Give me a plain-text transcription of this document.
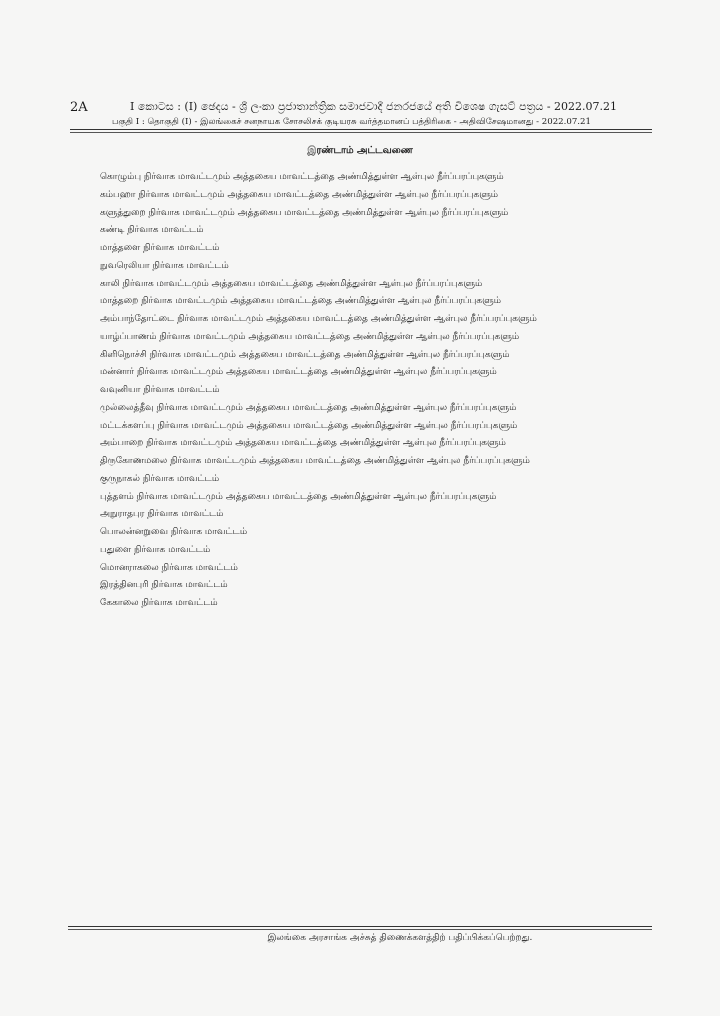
2A	I කොටස : (I) ඡෙදය - ශ්‍රී ලංකා ප්‍රජාතාන්ත්‍රික සමාජවාදී ජනරජයේ අති විශෙෂ ගැසට් පත්‍රය - 2022.07.21
பகுதி I : தொகுதி (I) - இலங்கைச் சனநாயக சோசலிசக் குடியரசு வர்த்தமானப் பத்திரிகை - அதிவிசேஷமானது - 2022.07.21
இரண்டாம் அட்டவணை
கொழும்பு நிர்வாக மாவட்டமும் அத்தகைய மாவட்டத்தை அண்மித்துள்ள ஆள்புல நீர்ப்பரப்புகளும்
கம்பஹா நிர்வாக மாவட்டமும் அத்தகைய மாவட்டத்தை அண்மித்துள்ள ஆள்புல நீர்ப்பரப்புகளும்
களுத்துறை நிர்வாக மாவட்டமும் அத்தகைய மாவட்டத்தை அண்மித்துள்ள ஆள்புல நீர்ப்பரப்புகளும்
கண்டி நிர்வாக மாவட்டம்
மாத்தளை நிர்வாக மாவட்டம்
நுவரெலியா நிர்வாக மாவட்டம்
காலி நிர்வாக மாவட்டமும் அத்தகைய மாவட்டத்தை அண்மித்துள்ள ஆள்புல நீர்ப்பரப்புகளும்
மாத்தறை நிர்வாக மாவட்டமும் அத்தகைய மாவட்டத்தை அண்மித்துள்ள ஆள்புல நீர்ப்பரப்புகளும்
அம்பாந்தோட்டை நிர்வாக மாவட்டமும் அத்தகைய மாவட்டத்தை அண்மித்துள்ள ஆள்புல நீர்ப்பரப்புகளும்
யாழ்ப்பாணம் நிர்வாக மாவட்டமும் அத்தகைய மாவட்டத்தை அண்மித்துள்ள ஆள்புல நீர்ப்பரப்புகளும்
கிளிநொச்சி நிர்வாக மாவட்டமும் அத்தகைய மாவட்டத்தை அண்மித்துள்ள ஆள்புல நீர்ப்பரப்புகளும்
மன்னார் நிர்வாக மாவட்டமும் அத்தகைய மாவட்டத்தை அண்மித்துள்ள ஆள்புல நீர்ப்பரப்புகளும்
வவுனியா நிர்வாக மாவட்டம்
முல்லைத்தீவு நிர்வாக மாவட்டமும் அத்தகைய மாவட்டத்தை அண்மித்துள்ள ஆள்புல நீர்ப்பரப்புகளும்
மட்டக்களப்பு நிர்வாக மாவட்டமும் அத்தகைய மாவட்டத்தை அண்மித்துள்ள ஆள்புல நீர்ப்பரப்புகளும்
அம்பாறை நிர்வாக மாவட்டமும் அத்தகைய மாவட்டத்தை அண்மித்துள்ள ஆள்புல நீர்ப்பரப்புகளும்
திருகோணமலை நிர்வாக மாவட்டமும் அத்தகைய மாவட்டத்தை அண்மித்துள்ள ஆள்புல நீர்ப்பரப்புகளும்
குருநாகல் நிர்வாக மாவட்டம்
புத்தளம் நிர்வாக மாவட்டமும் அத்தகைய மாவட்டத்தை அண்மித்துள்ள ஆள்புல நீர்ப்பரப்புகளும்
அநுராதபுர நிர்வாக மாவட்டம்
பொலன்னறுவை நிர்வாக மாவட்டம்
பதுளை நிர்வாக மாவட்டம்
மொனராகலை நிர்வாக மாவட்டம்
இரத்தினபுரி நிர்வாக மாவட்டம்
கேகாலை நிர்வாக மாவட்டம்
இலங்கை அரசாங்க அச்சுத் திணைக்களத்திற் பதிப்பிக்கப்பெற்றது.
